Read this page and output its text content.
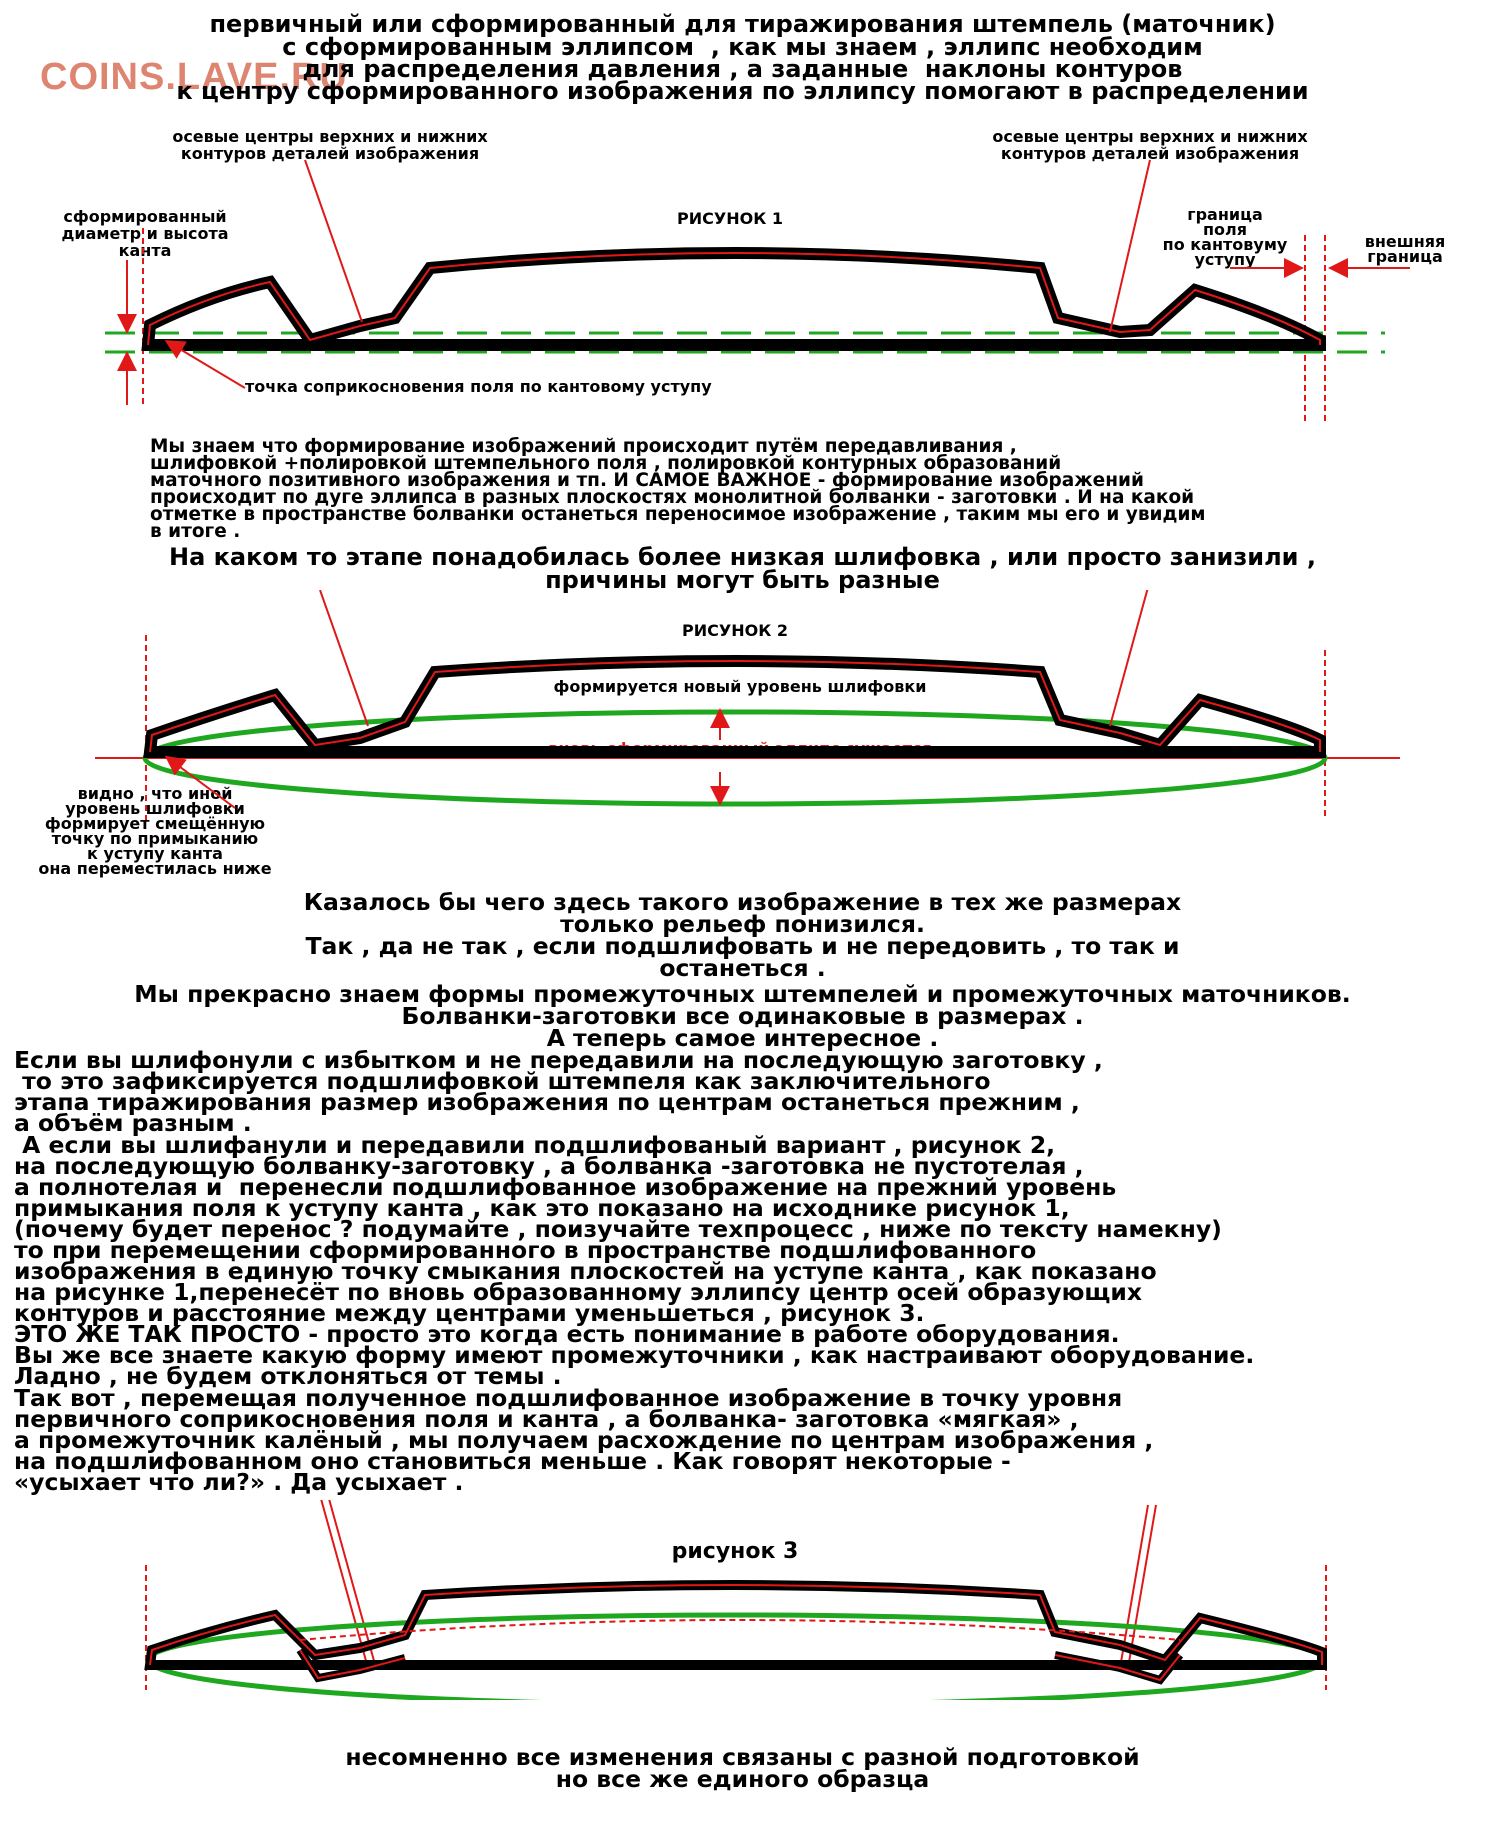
COINS.LAVE.RU
первичный или сформированный для тиражирования штемпель (маточник)
с сформированным эллипсом  , как мы знаем , эллипс необходим
для распределения давления , а заданные  наклоны контуров
к центру сформированного изображения по эллипсу помогают в распределении
осевые центры верхних и нижних
контуров деталей изображения
осевые центры верхних и нижних
контуров деталей изображения
РИСУНОК 1
сформированный
диаметр и высота
канта
граница
поля
по кантовуму
уступу
внешняя
граница
точка соприкосновения поля по кантовому уступу
Мы знаем что формирование изображений происходит путём передавливания ,
шлифовкой +полировкой штемпельного поля , полировкой контурных образований
маточного позитивного изображения и тп. И САМОЕ ВАЖНОЕ - формирование изображений
происходит по дуге эллипса в разных плоскостях монолитной болванки - заготовки . И на какой
отметке в пространстве болванки останеться переносимое изображение , таким мы его и увидим
в итоге .
На каком то этапе понадобилась более низкая шлифовка , или просто занизили ,
причины могут быть разные
РИСУНОК 2
формируется новый уровень шлифовки
вновь сформированный эллипс сужается
видно , что иной
уровень шлифовки
формирует смещённую
точку по примыканию
к уступу канта
она переместилась ниже
Казалось бы чего здесь такого изображение в тех же размерах
только рельеф понизился.
Так , да не так , если подшлифовать и не передовить , то так и
останеться .
Мы прекрасно знаем формы промежуточных штемпелей и промежуточных маточников.
Болванки-заготовки все одинаковые в размерах .
А теперь самое интересное .
Если вы шлифонули с избытком и не передавили на последующую заготовку ,
то это зафиксируется подшлифовкой штемпеля как заключительного
этапа тиражирования размер изображения по центрам останеться прежним ,
а объём разным .
А если вы шлифанули и передавили подшлифованый вариант , рисунок 2,
на последующую болванку-заготовку , а болванка -заготовка не пустотелая ,
а полнотелая и  перенесли подшлифованное изображение на прежний уровень
примыкания поля к уступу канта , как это показано на исходнике рисунок 1,
(почему будет перенос ? подумайте , поизучайте техпроцесс , ниже по тексту намекну)
то при перемещении сформированного в пространстве подшлифованного
изображения в единую точку смыкания плоскостей на уступе канта , как показано
на рисунке 1,перенесёт по вновь образованному эллипсу центр осей образующих
контуров и расстояние между центрами уменьшеться , рисунок 3.
ЭТО ЖЕ ТАК ПРОСТО - просто это когда есть понимание в работе оборудования.
Вы же все знаете какую форму имеют промежуточники , как настраивают оборудование.
Ладно , не будем отклоняться от темы .
Так вот , перемещая полученное подшлифованное изображение в точку уровня
первичного соприкосновения поля и канта , а болванка- заготовка «мягкая» ,
а промежуточник калёный , мы получаем расхождение по центрам изображения ,
на подшлифованном оно становиться меньше . Как говорят некоторые -
«усыхает что ли?» . Да усыхает .
рисунок 3
несомненно все изменения связаны с разной подготовкой
но все же единого образца
